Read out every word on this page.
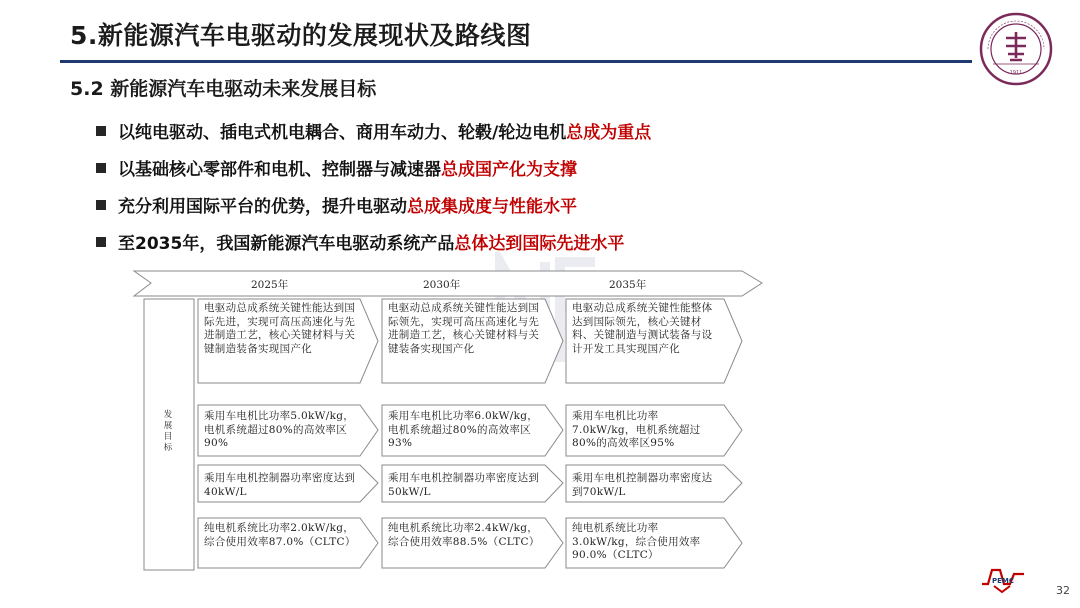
5.新能源汽车电驱动的发展现状及路线图
1911
5.2 新能源汽车电驱动未来发展目标
以纯电驱动、插电式机电耦合、商用车动力、轮毂/轮边电机 总成为重点
以基础核心零部件和电机、控制器与减速器 总成国产化为支撑
充分利用国际平台的优势，提升电驱动 总成集成度与性能水平
至2035年，我国新能源汽车电驱动系统产品 总体达到国际先进水平
2025年	2030年	2035年
发展目标
电驱动总成系统关键性能达到国际先进，实现可高压高速化与先进制造工艺，核心关键材料与关键制造装备实现国产化
电驱动总成系统关键性能达到国际领先，实现可高压高速化与先进制造工艺，核心关键材料与关键装备实现国产化
电驱动总成系统关键性能整体达到国际领先，核心关键材料、关键制造与测试装备与设计开发工具实现国产化
乘用车电机比功率5.0kW/kg，电机系统超过80%的高效率区90%
乘用车电机比功率6.0kW/kg，电机系统超过80%的高效率区93%
乘用车电机比功率7.0kW/kg，电机系统超过80%的高效率区95%
乘用车电机控制器功率密度达到40kW/L
乘用车电机控制器功率密度达到50kW/L
乘用车电机控制器功率密度达到70kW/L
纯电机系统比功率2.0kW/kg，综合使用效率87.0%（CLTC）
纯电机系统比功率2.4kW/kg，综合使用效率88.5%（CLTC）
纯电机系统比功率3.0kW/kg，综合使用效率90.0%（CLTC）
PEMC
32
